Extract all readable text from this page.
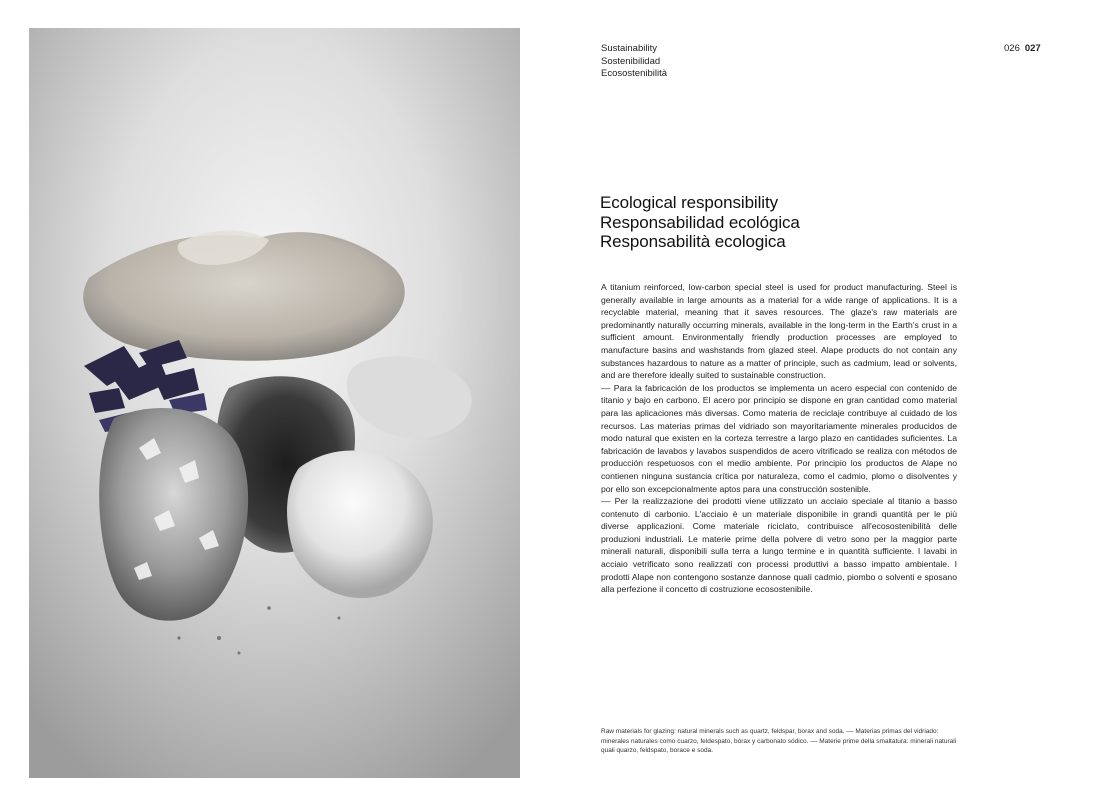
Sustainability
Sostenibilidad
Ecosostenibilità
026 027
Ecological responsibility
Responsabilidad ecológica
Responsabilità ecologica

A titanium reinforced, low-carbon special steel is used for product manufacturing. Steel is generally available in large amounts as a material for a wide range of applications. It is a recyclable material, meaning that it saves resources. The glaze's raw materials are predominantly naturally occurring minerals, available in the long-term in the Earth's crust in a sufficient amount. Environmentally friendly production processes are employed to manufacture basins and washstands from glazed steel. Alape products do not contain any substances hazardous to nature as a matter of principle, such as cadmium, lead or solvents, and are therefore ideally suited to sustainable construction.

–– Para la fabricación de los productos se implementa un acero especial con contenido de titanio y bajo en carbono. El acero por principio se dispone en gran cantidad como material para las aplicaciones más diversas. Como materia de reciclaje contribuye al cuidado de los recursos. Las materias primas del vidriado son mayoritariamente minerales producidos de modo natural que existen en la corteza terrestre a largo plazo en cantidades suficientes. La fabricación de lavabos y lavabos suspendidos de acero vitrificado se realiza con métodos de producción respetuosos con el medio ambiente. Por principio los productos de Alape no contienen ninguna sustancia crítica por naturaleza, como el cadmio, plomo o disolventes y por ello son excepcionalmente aptos para una construcción sostenible.

–– Per la realizzazione dei prodotti viene utilizzato un acciaio speciale al titanio a basso contenuto di carbonio. L'acciaio è un materiale disponibile in grandi quantità per le più diverse applicazioni. Come materiale riciclato, contribuisce all'ecosostenibilità delle produzioni industriali. Le materie prime della polvere di vetro sono per la maggior parte minerali naturali, disponibili sulla terra a lungo termine e in quantità sufficiente. I lavabi in acciaio vetrificato sono realizzati con processi produttivi a basso impatto ambientale. I prodotti Alape non contengono sostanze dannose quali cadmio, piombo o solventi e sposano alla perfezione il concetto di costruzione ecosostenibile.

Raw materials for glazing: natural minerals such as quartz, feldspar, borax and soda. –– Materias primas del vidriado: minerales naturales como cuarzo, feldespato, bórax y carbonato sódico. –– Materie prime della smaltatura: minerali naturali quali quarzo, feldspato, borace e soda.
